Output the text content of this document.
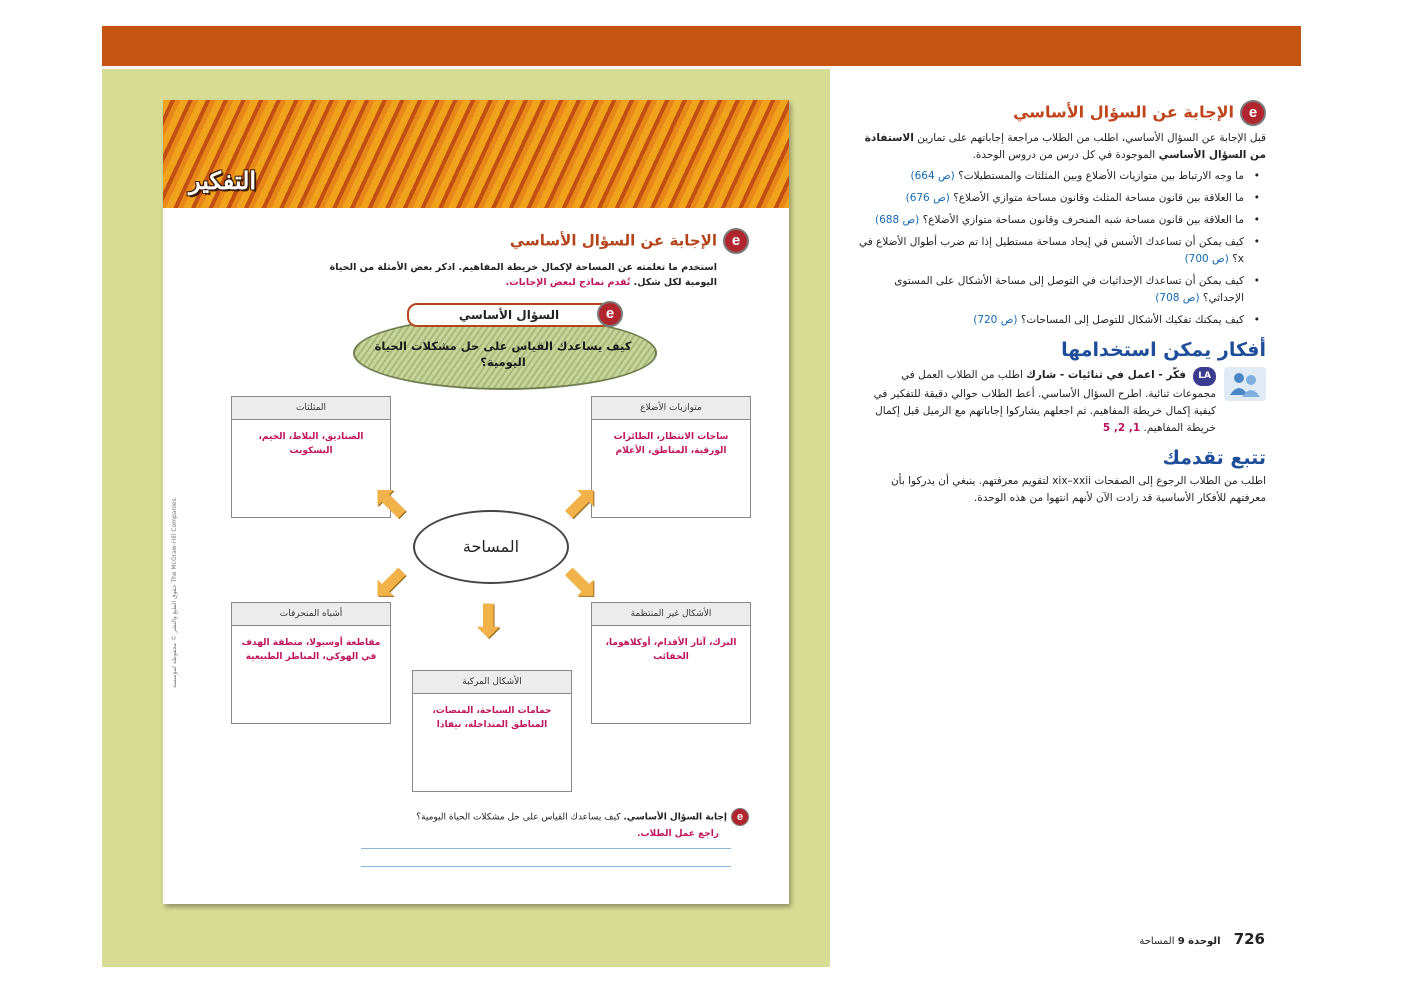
التفكير
eالإجابة عن السؤال الأساسي
استخدم ما تعلمته عن المساحة لإكمال خريطة المفاهيم. اذكر بعض الأمثلة من الحياة اليومية لكل شكل. تُقدم نماذج لبعض الإجابات.
السؤال الأساسي	e
كيف يساعدك القياس على حل مشكلات الحياة اليومية؟
متوازيات الأضلاع
ساحات الانتظار، الطائرات الورقية، المناطق، الأعلام
المثلثات
الصناديق، البلاط، الخيم، البسكويت
الأشكال غير المنتظمة
البرك، آثار الأقدام، أوكلاهوما، الحقائب
أشباه المنحرفات
مقاطعة أوسيولا، منطقة الهدف في الهوكي، المناظر الطبيعية
الأشكال المركبة
حمامات السباحة، المنصات، المناطق المتداخلة، نيفادا
المساحة
⬈
⬉
⬊
⬋
⬇
eإجابة السؤال الأساسي. كيف يساعدك القياس على حل مشكلات الحياة اليومية؟
راجع عمل الطلاب.
حقوق الطبع والنشر © محفوظة لمؤسسة The McGraw-Hill Companies
eالإجابة عن السؤال الأساسي
قبل الإجابة عن السؤال الأساسي، اطلب من الطلاب مراجعة إجاباتهم على تمارين الاستفادة من السؤال الأساسي الموجودة في كل درس من دروس الوحدة.
• ما وجه الارتباط بين متوازيات الأضلاع وبين المثلثات والمستطيلات؟ (ص 664)
• ما العلاقة بين قانون مساحة المثلث وقانون مساحة متوازي الأضلاع؟ (ص 676)
• ما العلاقة بين قانون مساحة شبه المنحرف وقانون مساحة متوازي الأضلاع؟ (ص 688)
• كيف يمكن أن تساعدك الأسس في إيجاد مساحة مستطيل إذا تم ضرب أطوال الأضلاع في x؟ (ص 700)
• كيف يمكن أن تساعدك الإحداثيات في التوصل إلى مساحة الأشكال على المستوى الإحداثي؟ (ص 708)
• كيف يمكنك تفكيك الأشكال للتوصل إلى المساحات؟ (ص 720)
أفكار يمكن استخدامها
LA فكّر - اعمل في ثنائيات - شارك اطلب من الطلاب العمل في مجموعات ثنائية. اطرح السؤال الأساسي. أعط الطلاب حوالي دقيقة للتفكير في كيفية إكمال خريطة المفاهيم. ثم اجعلهم يشاركوا إجاباتهم مع الزميل قبل إكمال خريطة المفاهيم. 1, 2, 5
تتبع تقدمك
اطلب من الطلاب الرجوع إلى الصفحات xix–xxii لتقويم معرفتهم. ينبغي أن يدركوا بأن معرفتهم للأفكار الأساسية قد زادت الآن لأنهم انتهوا من هذه الوحدة.
726 الوحدة 9 المساحة
